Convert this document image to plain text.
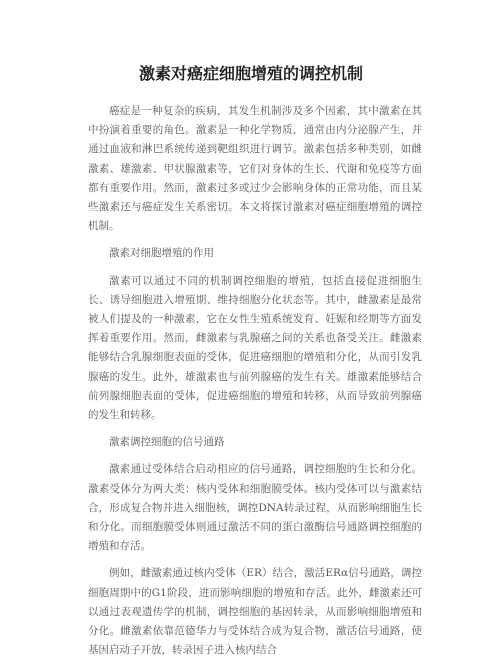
激素对癌症细胞增殖的调控机制

癌症是一种复杂的疾病，其发生机制涉及多个因素，其中激素在其中扮演着重要的角色。激素是一种化学物质，通常由内分泌腺产生，并通过血液和淋巴系统传递到靶组织进行调节。激素包括多种类别，如雌激素、雄激素、甲状腺激素等，它们对身体的生长、代谢和免疫等方面都有重要作用。然而，激素过多或过少会影响身体的正常功能，而且某些激素还与癌症发生关系密切。本文将探讨激素对癌症细胞增殖的调控机制。

激素对细胞增殖的作用

激素可以通过不同的机制调控细胞的增殖，包括直接促进细胞生长、诱导细胞进入增殖期、维持细胞分化状态等。其中，雌激素是最常被人们提及的一种激素，它在女性生殖系统发育、妊娠和经期等方面发挥着重要作用。然而，雌激素与乳腺癌之间的关系也备受关注。雌激素能够结合乳腺细胞表面的受体，促进癌细胞的增殖和分化，从而引发乳腺癌的发生。此外，雄激素也与前列腺癌的发生有关。雄激素能够结合前列腺细胞表面的受体，促进癌细胞的增殖和转移，从而导致前列腺癌的发生和转移。

激素调控细胞的信号通路

激素通过受体结合启动相应的信号通路，调控细胞的生长和分化。激素受体分为两大类：核内受体和细胞膜受体。核内受体可以与激素结合，形成复合物并进入细胞核，调控DNA转录过程，从而影响细胞生长和分化。而细胞膜受体则通过激活不同的蛋白激酶信号通路调控细胞的增殖和存活。

例如，雌激素通过核内受体（ER）结合，激活ERα信号通路，调控细胞周期中的G1阶段，进而影响细胞的增殖和存活。此外，雌激素还可以通过表观遗传学的机制，调控细胞的基因转录，从而影响细胞增殖和分化。雌激素依靠范德华力与受体结合成为复合物，激活信号通路，使基因启动子开放，转录因子进入核内结合
